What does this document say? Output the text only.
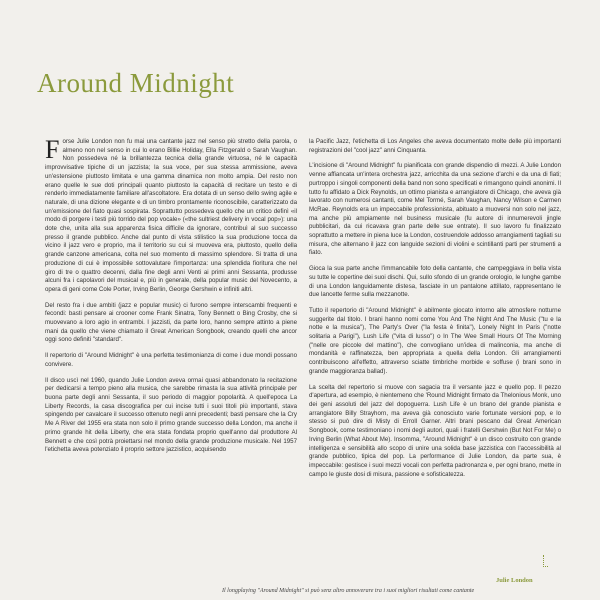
Around Midnight

Forse Julie London non fu mai una cantante jazz nel senso più stretto della parola, o almeno non nel senso in cui lo erano Billie Holiday, Ella Fitzgerald o Sarah Vaughan. Non possedeva né la brillantezza tecnica della grande virtuosa, né le capacità improvvisative tipiche di un jazzista; la sua voce, per sua stessa ammissione, aveva un'estensione piuttosto limitata e una gamma dinamica non molto ampia. Del resto non erano quelle le sue doti principali quanto piuttosto la capacità di recitare un testo e di renderlo immediatamente familiare all'ascoltatore. Era dotata di un senso dello swing agile e naturale, di una dizione elegante e di un timbro prontamente riconoscibile, caratterizzato da un'emissione del fiato quasi sospirata. Soprattutto possedeva quello che un critico definì «il modo di porgere i testi più torrido del pop vocale» («the sultriest delivery in vocal pop»): una dote che, unita alla sua apparenza fisica difficile da ignorare, contribuì al suo successo presso il grande pubblico. Anche dal punto di vista stilistico la sua produzione tocca da vicino il jazz vero e proprio, ma il territorio su cui si muoveva era, piuttosto, quello della grande canzone americana, colta nel suo momento di massimo splendore. Si tratta di una produzione di cui è impossibile sottovalutare l'importanza: una splendida fioritura che nel giro di tre o quattro decenni, dalla fine degli anni Venti ai primi anni Sessanta, produsse alcuni fra i capolavori del musical e, più in generale, della popular music del Novecento, a opera di geni come Cole Porter, Irving Berlin, George Gershwin e infiniti altri.

Del resto fra i due ambiti (jazz e popular music) ci furono sempre interscambi frequenti e fecondi: basti pensare ai crooner come Frank Sinatra, Tony Bennett o Bing Crosby, che si muovevano a loro agio in entrambi. I jazzisti, da parte loro, hanno sempre attinto a piene mani da quello che viene chiamato il Great American Songbook, creando quelli che ancor oggi sono definiti "standard".

Il repertorio di "Around Midnight" è una perfetta testimonianza di come i due mondi possano convivere.

Il disco uscì nel 1960, quando Julie London aveva ormai quasi abbandonato la recitazione per dedicarsi a tempo pieno alla musica, che sarebbe rimasta la sua attività principale per buona parte degli anni Sessanta, il suo periodo di maggior popolarità. A quell'epoca La Liberty Records, la casa discografica per cui incise tutti i suoi titoli più importanti, stava spingendo per cavalcare il successo ottenuto negli anni precedenti; basti pensare che la Cry Me A River del 1955 era stata non solo il primo grande successo della London, ma anche il primo grande hit della Liberty, che era stata fondata proprio quell'anno dal produttore Al Bennett e che così potrà proiettarsi nel mondo della grande produzione musicale. Nel 1957 l'etichetta aveva potenziato il proprio settore jazzistico, acquisendo

la Pacific Jazz, l'etichetta di Los Angeles che aveva documentato molte delle più importanti registrazioni del "cool jazz" anni Cinquanta.

L'incisione di "Around Midnight" fu pianificata con grande dispendio di mezzi. A Julie London venne affiancata un'intera orchestra jazz, arricchita da una sezione d'archi e da una di fiati; purtroppo i singoli componenti della band non sono specificati e rimangono quindi anonimi. Il tutto fu affidato a Dick Reynolds, un ottimo pianista e arrangiatore di Chicago, che aveva già lavorato con numerosi cantanti, come Mel Tormé, Sarah Vaughan, Nancy Wilson e Carmen McRae. Reynolds era un impeccabile professionista, abituato a muoversi non solo nel jazz, ma anche più ampiamente nel business musicale (fu autore di innumerevoli jingle pubblicitari, da cui ricavava gran parte delle sue entrate). Il suo lavoro fu finalizzato soprattutto a mettere in piena luce la London, costruendole addosso arrangiamenti tagliati su misura, che alternano il jazz con languide sezioni di violini e scintillanti parti per strumenti a fiato.

Gioca la sua parte anche l'immancabile foto della cantante, che campeggiava in bella vista su tutte le copertine dei suoi dischi. Qui, sullo sfondo di un grande orologio, le lunghe gambe di una London languidamente distesa, fasciate in un pantalone attillato, rappresentano le due lancette ferme sulla mezzanotte.

Tutto il repertorio di "Around Midnight" è abilmente giocato intorno alle atmosfere notturne suggerite dal titolo. I brani hanno nomi come You And The Night And The Music ("tu e la notte e la musica"), The Party's Over ("la festa è finita"), Lonely Night In Paris ("notte solitaria a Parigi"), Lush Life ("vita di lusso") o In The Wee Small Hours Of The Morning ("nelle ore piccole del mattino"), che convogliano un'idea di malinconia, ma anche di mondanità e raffinatezza, ben appropriata a quella della London. Gli arrangiamenti contribuiscono all'effetto, attraverso sciatte timbriche morbide e soffuse (i brani sono in grande maggioranza ballad).

La scelta del repertorio si muove con sagacia tra il versante jazz e quello pop. Il pezzo d'apertura, ad esempio, è nientemeno che 'Round Midnight firmato da Thelonious Monk, uno dei geni assoluti del jazz del dopoguerra. Lush Life è un brano del grande pianista e arrangiatore Billy Strayhorn, ma aveva già conosciuto varie fortunate versioni pop, e lo stesso si può dire di Misty di Erroll Garner. Altri brani pescano dal Great American Songbook, come testimoniano i nomi degli autori, quali i fratelli Gershwin (But Not For Me) o Irving Berlin (What About Me). Insomma, "Around Midnight" è un disco costruito con grande intelligenza e sensibilità allo scopo di unire una solida base jazzistica con l'accessibilità al grande pubblico, tipica del pop. La performance di Julie London, da parte sua, è impeccabile: gestisce i suoi mezzi vocali con perfetta padronanza e, per ogni brano, mette in campo le giuste dosi di misura, passione e sofisticatezza.

Julie London
Il longplaying "Around Midnight" si può senz altro annoverare tra i suoi migliori risultati come cantante
